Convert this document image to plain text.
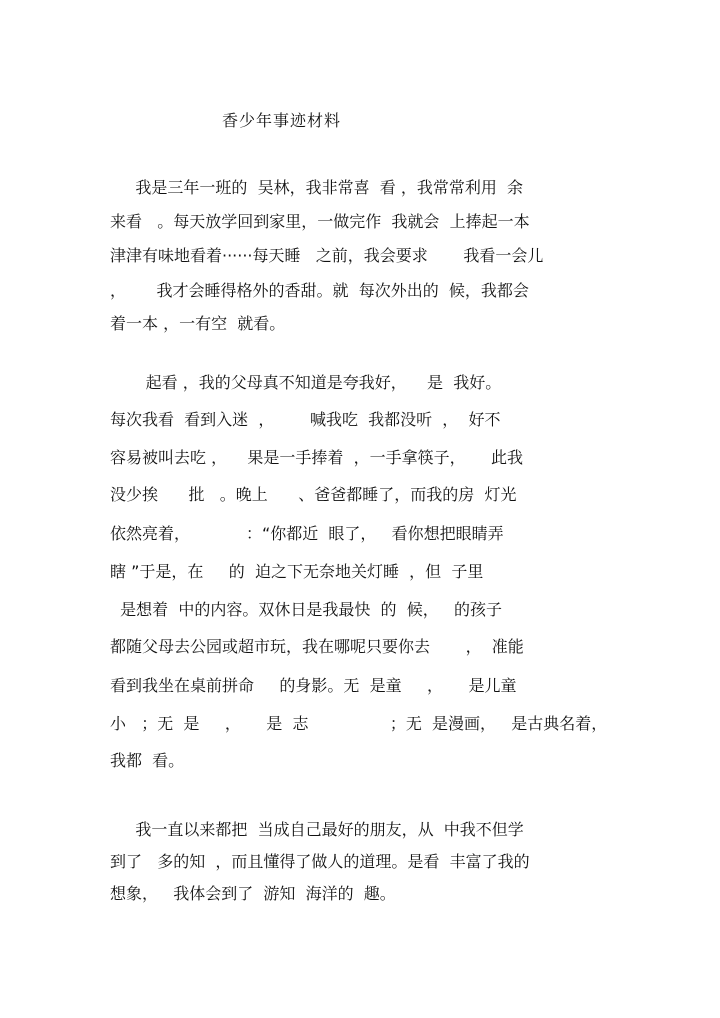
香少年事迹材料
我是三年一班的  吴林，我非常喜  看 ，我常常利用  余
来看   。每天放学回到家里，一做完作  我就会  上捧起一本
津津有味地看着······每天睡   之前，我会要求       我看一会儿
，      我才会睡得格外的香甜。就  每次外出的  候，我都会
着一本 ，一有空  就看。
起看 ，我的父母真不知道是夸我好，    是  我好。
每次我看  看到入迷  ，       喊我吃  我都没听  ，  好不
容易被叫去吃 ，    果是一手捧着  ，一手拿筷子，     此我
没少挨      批   。晚上      、爸爸都睡了，而我的房  灯光
依然亮着，           ：“你都近  眼了，   看你想把眼睛弄
瞎 ”于是，在     的  迫之下无奈地关灯睡  ，但  子里
是想着  中的内容。双休日是我最快  的  候，   的孩子
都随父母去公园或超市玩，我在哪呢只要你去       ，  准能
看到我坐在桌前拼命     的身影。无  是童     ，     是儿童
小   ；无  是     ，     是  志                ；无  是漫画，   是古典名着，
我都  看。
我一直以来都把  当成自己最好的朋友，从  中我不但学
到了   多的知  ，而且懂得了做人的道理。是看  丰富了我的
想象，   我体会到了  游知  海洋的  趣。
